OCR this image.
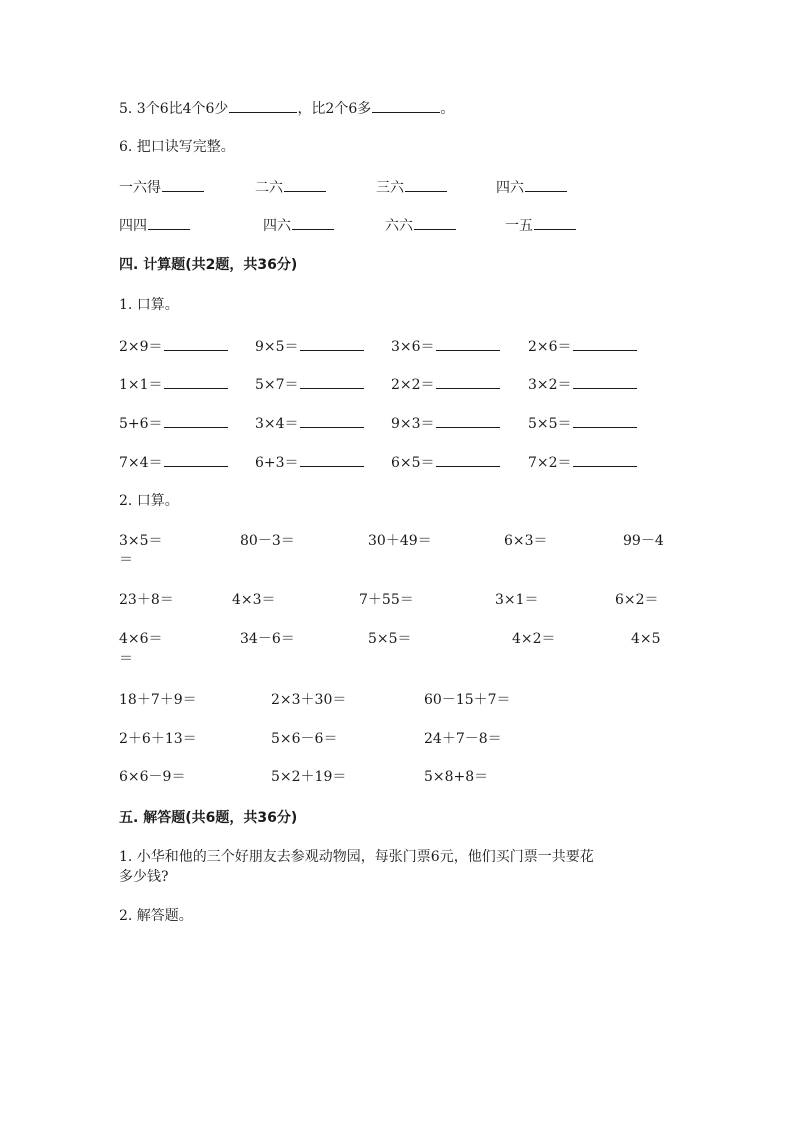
5. 3个6比4个6少	，比2个6多	。
6. 把口诀写完整。
一六得	二六	三六	四六
四四	四六	六六	一五
四. 计算题(共2题，共36分)
1. 口算。
2×9＝	9×5＝	3×6＝	2×6＝
1×1＝	5×7＝	2×2＝	3×2＝
5+6＝	3×4＝	9×3＝	5×5＝
7×4＝	6+3＝	6×5＝	7×2＝
2. 口算。
3×5＝	80－3＝	30＋49＝	6×3＝	99－4
＝
23＋8＝	4×3＝	7＋55＝	3×1＝	6×2＝
4×6＝	34－6＝	5×5＝	4×2＝	4×5
＝
18＋7＋9＝	2×3＋30＝	60－15＋7＝
2＋6＋13＝	5×6－6＝	24＋7－8＝
6×6－9＝	5×2＋19＝	5×8+8＝
五. 解答题(共6题，共36分)
1. 小华和他的三个好朋友去参观动物园，每张门票6元，他们买门票一共要花
多少钱?
2. 解答题。
